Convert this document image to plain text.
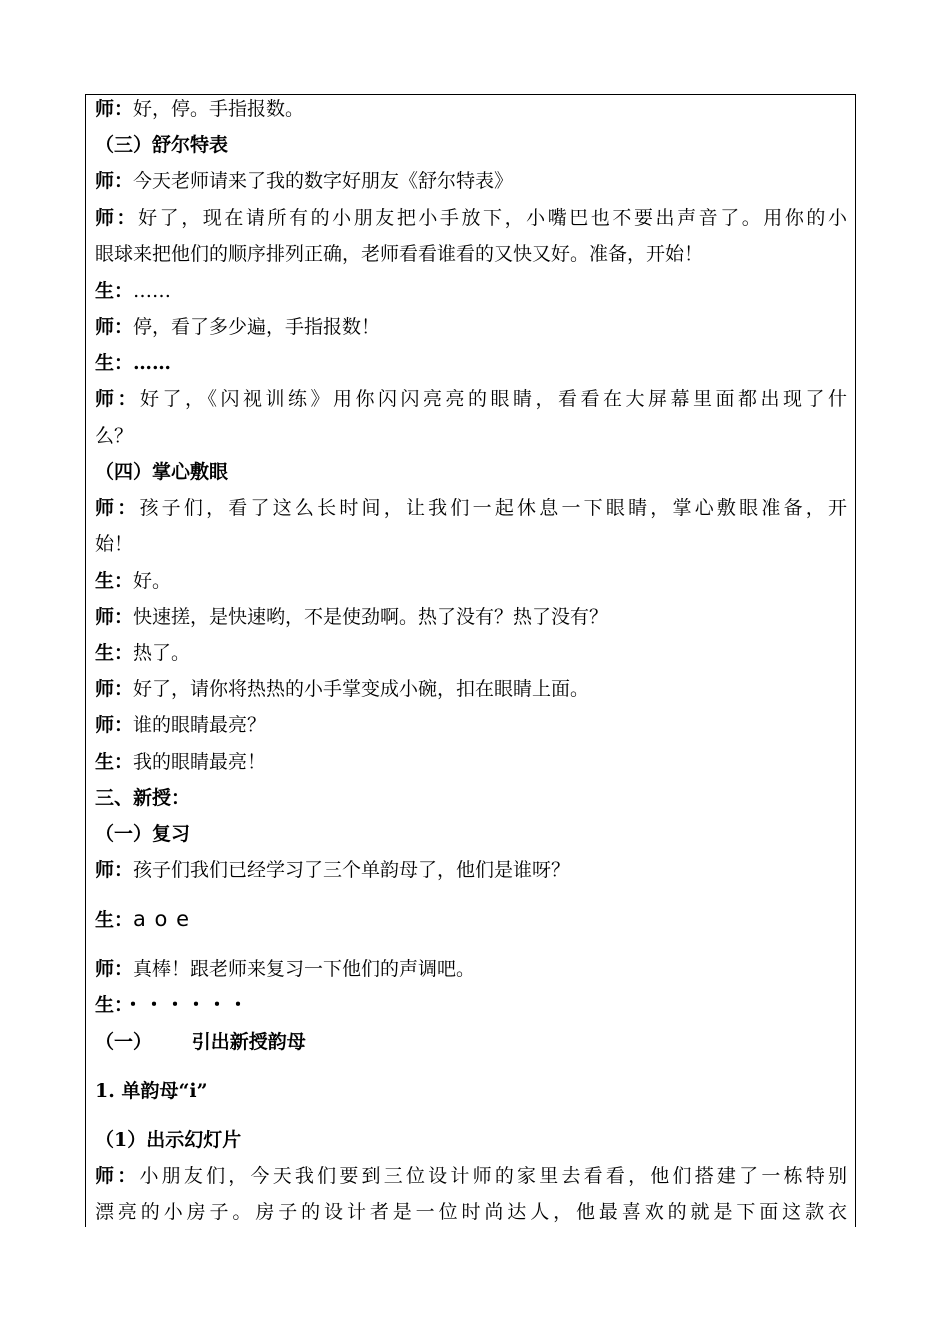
师：好，停。手指报数。
（三）舒尔特表
师：今天老师请来了我的数字好朋友《舒尔特表》
师：好了，现在请所有的小朋友把小手放下，小嘴巴也不要出声音了。用你的小
眼球来把他们的顺序排列正确，老师看看谁看的又快又好。准备，开始！
生：……
师：停，看了多少遍，手指报数！
生：……
师：好了，《闪视训练》用你闪闪亮亮的眼睛，看看在大屏幕里面都出现了什
么？
（四）掌心敷眼
师：孩子们，看了这么长时间，让我们一起休息一下眼睛，掌心敷眼准备，开
始！
生：好。
师：快速搓，是快速哟，不是使劲啊。热了没有？热了没有？
生：热了。
师：好了，请你将热热的小手掌变成小碗，扣在眼睛上面。
师：谁的眼睛最亮？
生：我的眼睛最亮！
三、新授：
（一）复习
师：孩子们我们已经学习了三个单韵母了，他们是谁呀？
生：a o e
师：真棒！跟老师来复习一下他们的声调吧。
生：・・・・・・
（一）      引出新授韵母
1. 单韵母“i”
（1）出示幻灯片
师：小朋友们，今天我们要到三位设计师的家里去看看，他们搭建了一栋特别
漂亮的小房子。房子的设计者是一位时尚达人，他最喜欢的就是下面这款衣
